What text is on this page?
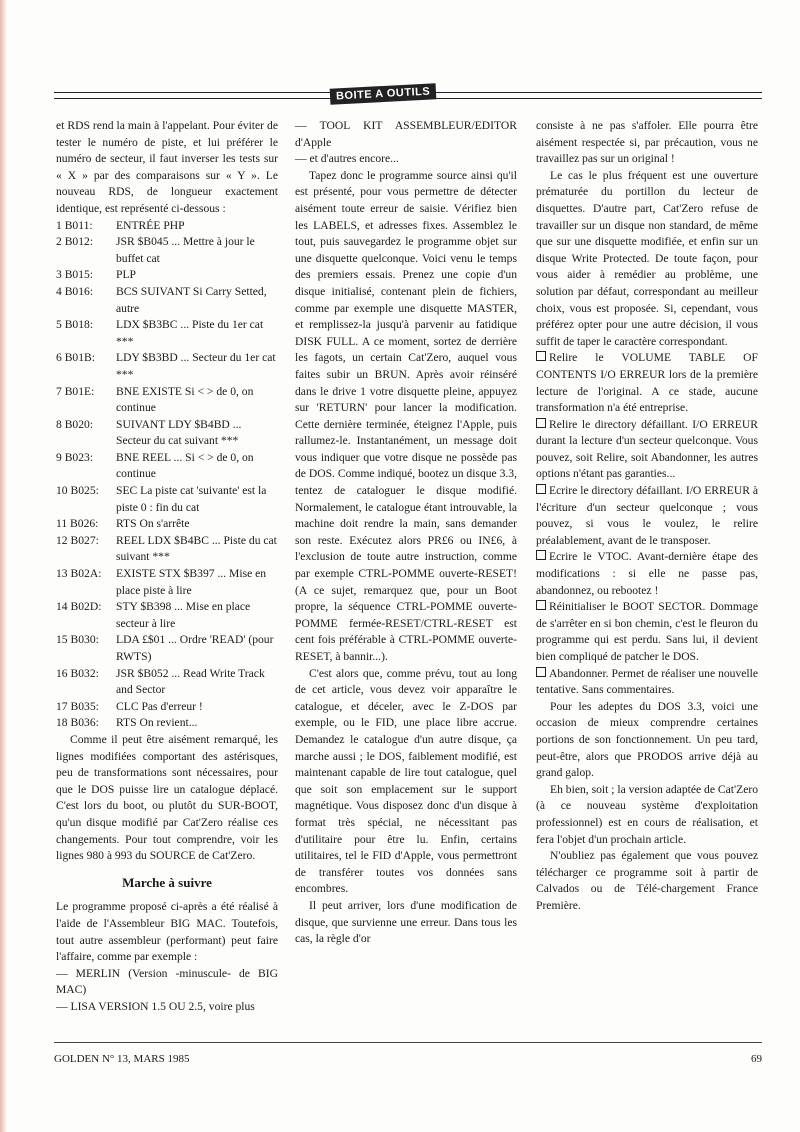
BOITE A OUTILS

et RDS rend la main à l'appelant. Pour éviter de tester le numéro de piste, et lui préférer le numéro de secteur, il faut inverser les tests sur « X » par des comparaisons sur « Y ». Le nouveau RDS, de longueur exactement identique, est représenté ci-dessous :

1 B011:	ENTRÉE PHP
2 B012:	JSR $B045 ... Mettre à jour le buffet cat
3 B015:	PLP
4 B016:	BCS SUIVANT Si Carry Setted, autre
5 B018:	LDX $B3BC ... Piste du 1er cat ***
6 B01B:	LDY $B3BD ... Secteur du 1er cat ***
7 B01E:	BNE EXISTE Si < > de 0, on continue
8 B020:	SUIVANT LDY $B4BD ... Secteur du cat suivant ***
9 B023:	BNE REEL ... Si < > de 0, on continue
10 B025:	SEC La piste cat 'suivante' est la piste 0 : fin du cat
11 B026:	RTS On s'arrête
12 B027:	REEL LDX $B4BC ... Piste du cat suivant ***
13 B02A:	EXISTE STX $B397 ... Mise en place piste à lire
14 B02D:	STY $B398 ... Mise en place secteur à lire
15 B030:	LDA £$01 ... Ordre 'READ' (pour RWTS)
16 B032:	JSR $B052 ... Read Write Track and Sector
17 B035:	CLC Pas d'erreur !
18 B036:	RTS On revient...

Comme il peut être aisément remarqué, les lignes modifiées comportant des astérisques, peu de transformations sont nécessaires, pour que le DOS puisse lire un catalogue déplacé. C'est lors du boot, ou plutôt du SUR-BOOT, qu'un disque modifié par Cat'Zero réalise ces changements. Pour tout comprendre, voir les lignes 980 à 993 du SOURCE de Cat'Zero.

Marche à suivre

Le programme proposé ci-après a été réalisé à l'aide de l'Assembleur BIG MAC. Toutefois, tout autre assembleur (performant) peut faire l'affaire, comme par exemple :

— MERLIN (Version -minuscule- de BIG MAC)

— LISA VERSION 1.5 OU 2.5, voire plus

— TOOL KIT ASSEMBLEUR/EDITOR d'Apple

— et d'autres encore...

Tapez donc le programme source ainsi qu'il est présenté, pour vous permettre de détecter aisément toute erreur de saisie. Vérifiez bien les LABELS, et adresses fixes. Assemblez le tout, puis sauvegardez le programme objet sur une disquette quelconque. Voici venu le temps des premiers essais. Prenez une copie d'un disque initialisé, contenant plein de fichiers, comme par exemple une disquette MASTER, et remplissez-la jusqu'à parvenir au fatidique DISK FULL. A ce moment, sortez de derrière les fagots, un certain Cat'Zero, auquel vous faites subir un BRUN. Après avoir réinséré dans le drive 1 votre disquette pleine, appuyez sur 'RETURN' pour lancer la modification. Cette dernière terminée, éteignez l'Apple, puis rallumez-le. Instantanément, un message doit vous indiquer que votre disque ne possède pas de DOS. Comme indiqué, bootez un disque 3.3, tentez de cataloguer le disque modifié. Normalement, le catalogue étant introuvable, la machine doit rendre la main, sans demander son reste. Exécutez alors PR£6 ou IN£6, à l'exclusion de toute autre instruction, comme par exemple CTRL-POMME ouverte-RESET! (A ce sujet, remarquez que, pour un Boot propre, la séquence CTRL-POMME ouverte-POMME fermée-RESET/CTRL-RESET est cent fois préférable à CTRL-POMME ouverte-RESET, à bannir...).

C'est alors que, comme prévu, tout au long de cet article, vous devez voir apparaître le catalogue, et déceler, avec le Z-DOS par exemple, ou le FID, une place libre accrue. Demandez le catalogue d'un autre disque, ça marche aussi ; le DOS, faiblement modifié, est maintenant capable de lire tout catalogue, quel que soit son emplacement sur le support magnétique. Vous disposez donc d'un disque à format très spécial, ne nécessitant pas d'utilitaire pour être lu. Enfin, certains utilitaires, tel le FID d'Apple, vous permettront de transférer toutes vos données sans encombres.

Il peut arriver, lors d'une modification de disque, que survienne une erreur. Dans tous les cas, la règle d'or

consiste à ne pas s'affoler. Elle pourra être aisément respectée si, par précaution, vous ne travaillez pas sur un original !

Le cas le plus fréquent est une ouverture prématurée du portillon du lecteur de disquettes. D'autre part, Cat'Zero refuse de travailler sur un disque non standard, de même que sur une disquette modifiée, et enfin sur un disque Write Protected. De toute façon, pour vous aider à remédier au problème, une solution par défaut, correspondant au meilleur choix, vous est proposée. Si, cependant, vous préférez opter pour une autre décision, il vous suffit de taper le caractère correspondant.

Relire le VOLUME TABLE OF CONTENTS I/O ERREUR lors de la première lecture de l'original. A ce stade, aucune transformation n'a été entreprise.

Relire le directory défaillant. I/O ERREUR durant la lecture d'un secteur quelconque. Vous pouvez, soit Relire, soit Abandonner, les autres options n'étant pas garanties...

Ecrire le directory défaillant. I/O ERREUR à l'écriture d'un secteur quelconque ; vous pouvez, si vous le voulez, le relire préalablement, avant de le transposer.

Ecrire le VTOC. Avant-dernière étape des modifications : si elle ne passe pas, abandonnez, ou rebootez !

Réinitialiser le BOOT SECTOR. Dommage de s'arrêter en si bon chemin, c'est le fleuron du programme qui est perdu. Sans lui, il devient bien compliqué de patcher le DOS.

Abandonner. Permet de réaliser une nouvelle tentative. Sans commentaires.

Pour les adeptes du DOS 3.3, voici une occasion de mieux comprendre certaines portions de son fonctionnement. Un peu tard, peut-être, alors que PRODOS arrive déjà au grand galop.

Eh bien, soit ; la version adaptée de Cat'Zero (à ce nouveau système d'exploitation professionnel) est en cours de réalisation, et fera l'objet d'un prochain article.

N'oubliez pas également que vous pouvez télécharger ce programme soit à partir de Calvados ou de Télé-chargement France Première.

GOLDEN N° 13, MARS 1985	69
